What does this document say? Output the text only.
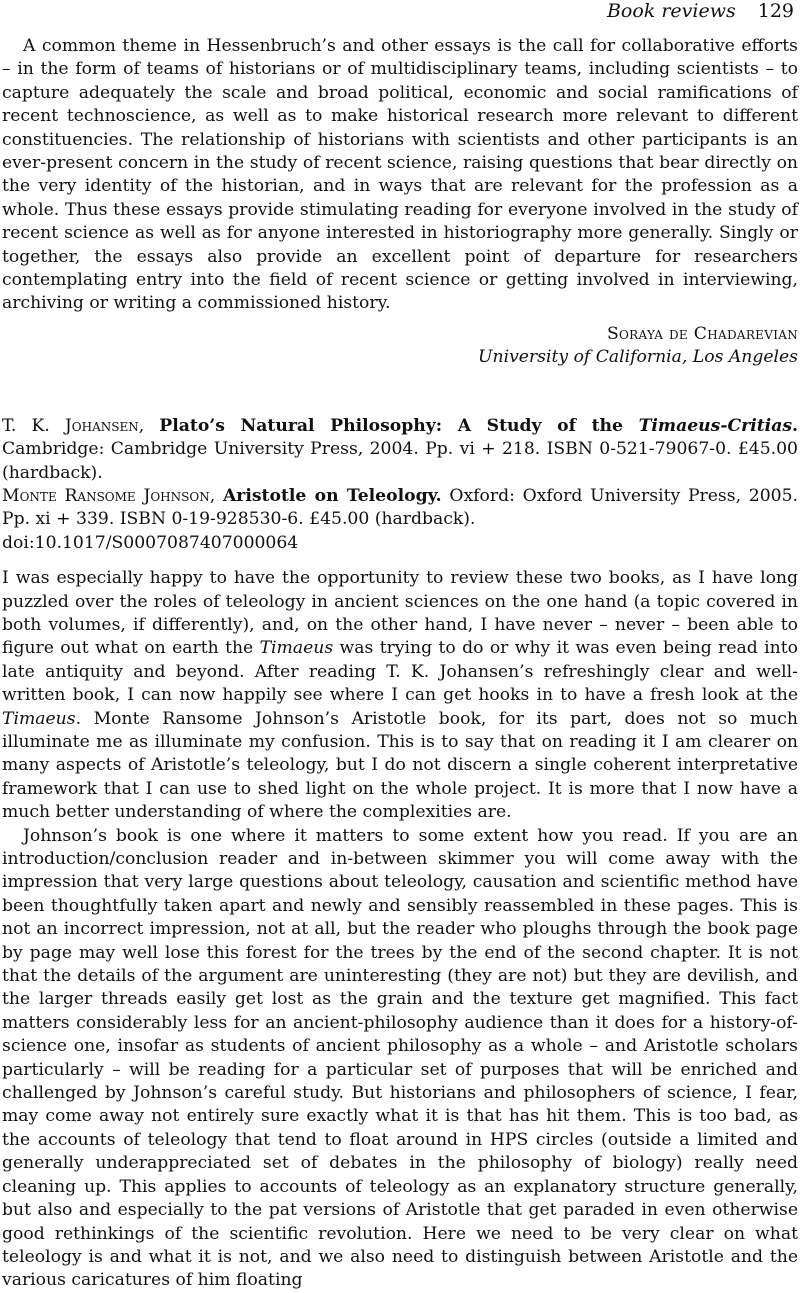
Book reviews 129

A common theme in Hessenbruch’s and other essays is the call for collaborative efforts – in the form of teams of historians or of multidisciplinary teams, including scientists – to capture adequately the scale and broad political, economic and social ramifications of recent technoscience, as well as to make historical research more relevant to different constituencies. The relationship of historians with scientists and other participants is an ever-present concern in the study of recent science, raising questions that bear directly on the very identity of the historian, and in ways that are relevant for the profession as a whole. Thus these essays provide stimulating reading for everyone involved in the study of recent science as well as for anyone interested in historiography more generally. Singly or together, the essays also provide an excellent point of departure for researchers contemplating entry into the field of recent science or getting involved in interviewing, archiving or writing a commissioned history.

Soraya de Chadarevian
University of California, Los Angeles

T. K. Johansen, Plato’s Natural Philosophy: A Study of the Timaeus-Critias. Cambridge: Cambridge University Press, 2004. Pp. vi + 218. ISBN 0-521-79067-0. £45.00 (hardback).

Monte Ransome Johnson, Aristotle on Teleology. Oxford: Oxford University Press, 2005. Pp. xi + 339. ISBN 0-19-928530-6. £45.00 (hardback).

doi:10.1017/S0007087407000064

I was especially happy to have the opportunity to review these two books, as I have long puzzled over the roles of teleology in ancient sciences on the one hand (a topic covered in both volumes, if differently), and, on the other hand, I have never – never – been able to figure out what on earth the Timaeus was trying to do or why it was even being read into late antiquity and beyond. After reading T. K. Johansen’s refreshingly clear and well-written book, I can now happily see where I can get hooks in to have a fresh look at the Timaeus. Monte Ransome Johnson’s Aristotle book, for its part, does not so much illuminate me as illuminate my confusion. This is to say that on reading it I am clearer on many aspects of Aristotle’s teleology, but I do not discern a single coherent interpretative framework that I can use to shed light on the whole project. It is more that I now have a much better understanding of where the complexities are.

Johnson’s book is one where it matters to some extent how you read. If you are an introduction/conclusion reader and in-between skimmer you will come away with the impression that very large questions about teleology, causation and scientific method have been thoughtfully taken apart and newly and sensibly reassembled in these pages. This is not an incorrect impression, not at all, but the reader who ploughs through the book page by page may well lose this forest for the trees by the end of the second chapter. It is not that the details of the argument are uninteresting (they are not) but they are devilish, and the larger threads easily get lost as the grain and the texture get magnified. This fact matters considerably less for an ancient-philosophy audience than it does for a history-of-science one, insofar as students of ancient philosophy as a whole – and Aristotle scholars particularly – will be reading for a particular set of purposes that will be enriched and challenged by Johnson’s careful study. But historians and philosophers of science, I fear, may come away not entirely sure exactly what it is that has hit them. This is too bad, as the accounts of teleology that tend to float around in HPS circles (outside a limited and generally underappreciated set of debates in the philosophy of biology) really need cleaning up. This applies to accounts of teleology as an explanatory structure generally, but also and especially to the pat versions of Aristotle that get paraded in even otherwise good rethinkings of the scientific revolution. Here we need to be very clear on what teleology is and what it is not, and we also need to distinguish between Aristotle and the various caricatures of him floating
